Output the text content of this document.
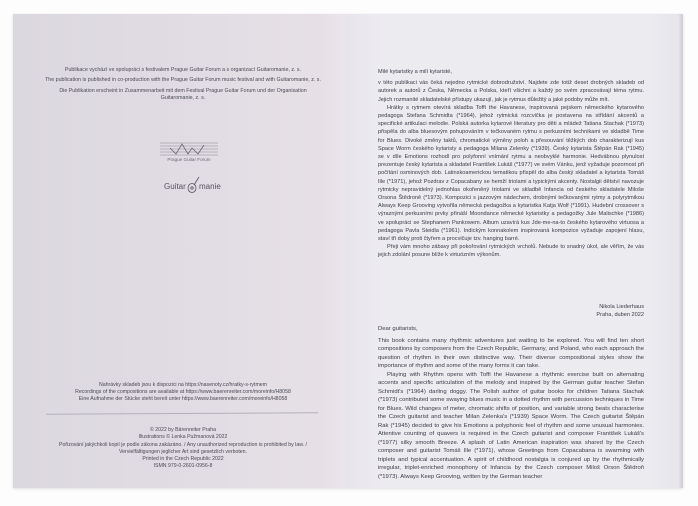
Publikace vychází ve spolupráci s festivalem Prague Guitar Forum a s organizací Guitaromanie, z. s.

The publication is published in co-production with the Prague Guitar Forum music festival and with Guitaromanie, z. s.

Die Publikation erscheint in Zusammenarbeit mit dem Festival Prague Guitar Forum und der Organisation Guitaromanie, z. s.

Prague Guitar Forum
Guitar manie

Nahrávky skladeb jsou k dispozici na https://nasenoty.cz/hratky-s-rytmem

Recordings of the compositions are available at https://www.baerenreiter.com/moreinfo/H8058

Eine Aufnahme der Stücke steht bereit unter https://www.baerenreiter.com/moreinfo/H8058

© 2022 by Bärenreiter Praha

Illustrations © Lenka Pužmanová 2022

Pořizování jakýchkoli kopií je podle zákona zakázáno. / Any unauthorized reproduction is prohibited by law. /

Vervielfältigungen jeglicher Art sind gesetzlich verboten.

Printed in the Czech Republic 2022

ISMN 979-0-2601-0956-8

Milé kytaristky a milí kytaristé,

v této publikaci vás čeká nejedno rytmické dobrodružství. Najdete zde totiž deset drobných skladeb od autorek a autorů z Česka, Německa a Polska, kteří všichni a každý po svém zpracovávají téma rytmu. Jejich rozmanité skladatelské přístupy ukazují, jak je rytmus důležitý a jaké podoby může mít.

Hrátky s rytmem otevírá skladba Toffi the Havanese, inspirovaná pejskem německého kytarového pedagoga Stefana Schmidta (*1964), jehož rytmická rozcvička je postavena na střídání akcentů a specifické artikulaci melodie. Polská autorka kytarové literatury pro děti a mládež Tatiana Stachak (*1973) přispěla do alba bluesovým pohupováním v tečkovaném rytmu s perkusními technikami ve skladbě Time for Blues. Divoké změny taktů, chromatické výměny poloh a přesouvání těžkých dob charakterizují kus Space Worm českého kytaristy a pedagoga Milana Zelenky (*1939). Český kytarista Štěpán Rak (*1945) se v díle Emotions rozhodl pro polyfonní vnímání rytmu a neobvyklé harmonie. Hedvábnou plynulost prezentuje český kytarista a skladatel František Lukáš (*1977) ve svém Vánku, jenž vyžaduje pozornost při počítání osminových dob. Latinskoamerickou tematikou přispěl do alba český skladatel a kytarista Tomáš Ille (*1971), jehož Pozdrav z Copacabany se hemží triolami a typickými akcenty. Nostalgii dětství navozuje rytmicky nepravidelný jednohlas okořeněný triolami ve skladbě Infancia od českého skladatele Miloše Orsona Štědroně (*1973). Kompozici s jazzovým nádechem, drobnými tečkovanými rytmy a polyrytmikou Always Keep Grooving vytvořila německá pedagožka a kytaristka Katja Wolf (*1991). Hudební crossover s výraznými perkusními prvky přináší Moondance německé kytaristky a pedagožky Jule Malischke (*1986) ve spolupráci se Stephanem Pankowem. Album uzavírá kus Jde-me-na-to českého kytarového virtuosa a pedagoga Pavla Steidla (*1961). Indickým konnakolem inspirovaná kompozice vyžaduje zapojení hlasu, staví tři doby proti čtyřem a procvičuje tzv. hanging barré.

Přeji vám mnoho zábavy při pokořování rytmických vrcholů. Nebude to snadný úkol, ale věřím, že vás jejich zdolání posune blíže k virtuózním výkonům.

Nikola Liederhaus
Praha, duben 2022

Dear guitarists,

This book contains many rhythmic adventures just waiting to be explored. You will find ten short compositions by composers from the Czech Republic, Germany, and Poland, who each approach the question of rhythm in their own distinctive way. Their diverse compositional styles show the importance of rhythm and some of the many forms it can take.

Playing with Rhythm opens with Toffi the Havanese a rhythmic exercise built on alternating accents and specific articulation of the melody and inspired by the German guitar teacher Stefan Schmidt's (*1964) darling doggy. The Polish author of guitar books for children Tatiana Stachak (*1973) contributed some swaying blues music in a dotted rhythm with percussion techniques in Time for Blues. Wild changes of meter, chromatic shifts of position, and variable strong beats characterise the Czech guitarist and teacher Milan Zelenka's (*1939) Space Worm. The Czech guitarist Štěpán Rak (*1945) decided to give his Emotions a polyphonic feel of rhythm and some unusual harmonies. Attentive counting of quavers is required in the Czech guitarist and composer František Lukáš's (*1977) silky smooth Breeze. A splash of Latin American inspiration was shared by the Czech composer and guitarist Tomáš Ille (*1971), whose Greetings from Copacabana is swarming with triplets and typical accentuation. A spirit of childhood nostalgia is conjured up by the rhythmically irregular, triplet-enriched monophony of Infancia by the Czech composer Miloš Orson Štědroň (*1973). Always Keep Grooving, written by the German teacher
